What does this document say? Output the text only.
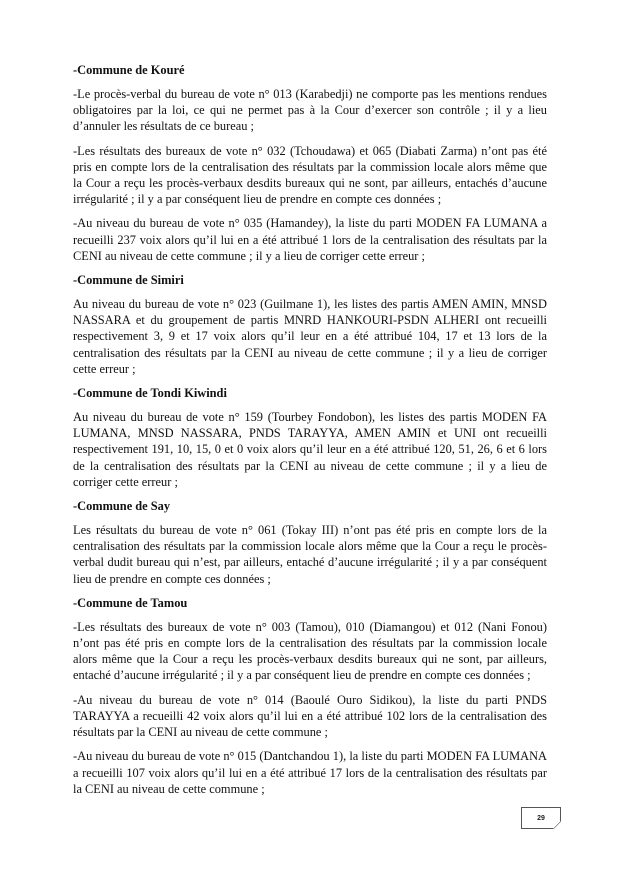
-Commune de Kouré

-Le procès-verbal du bureau de vote n° 013 (Karabedji) ne comporte pas les mentions rendues obligatoires par la loi, ce qui ne permet pas à la Cour d’exercer son contrôle ; il y a lieu d’annuler les résultats de ce bureau ;

-Les résultats des bureaux de vote n° 032 (Tchoudawa) et 065 (Diabati Zarma) n’ont pas été pris en compte lors de la centralisation des résultats par la commission locale alors même que la Cour a reçu les procès-verbaux desdits bureaux qui ne sont, par ailleurs, entachés d’aucune irrégularité ; il y a par conséquent lieu de prendre en compte ces données ;

-Au niveau du bureau de vote n° 035 (Hamandey), la liste du parti MODEN FA LUMANA a recueilli 237 voix alors qu’il lui en a été attribué 1 lors de la centralisation des résultats par la CENI au niveau de cette commune ; il y a lieu de corriger cette erreur ;

-Commune de Simiri

Au niveau du bureau de vote n° 023 (Guilmane 1), les listes des partis AMEN AMIN, MNSD NASSARA et du groupement de partis MNRD HANKOURI-PSDN ALHERI ont recueilli respectivement 3, 9 et 17 voix alors qu’il leur en a été attribué 104, 17 et 13 lors de la centralisation des résultats par la CENI au niveau de cette commune ; il y a lieu de corriger cette erreur ;

-Commune de Tondi Kiwindi

Au niveau du bureau de vote n° 159 (Tourbey Fondobon), les listes des partis MODEN FA LUMANA, MNSD NASSARA, PNDS TARAYYA, AMEN AMIN et UNI ont recueilli respectivement 191, 10, 15, 0 et 0 voix alors qu’il leur en a été attribué 120, 51, 26, 6 et 6 lors de la centralisation des résultats par la CENI au niveau de cette commune ; il y a lieu de corriger cette erreur ;

-Commune de Say

Les résultats du bureau de vote n° 061 (Tokay III) n’ont pas été pris en compte lors de la centralisation des résultats par la commission locale alors même que la Cour a reçu le procès-verbal dudit bureau qui n’est, par ailleurs, entaché d’aucune irrégularité ; il y a par conséquent lieu de prendre en compte ces données ;

-Commune de Tamou

-Les résultats des bureaux de vote n° 003 (Tamou), 010 (Diamangou) et 012 (Nani Fonou) n’ont pas été pris en compte lors de la centralisation des résultats par la commission locale alors même que la Cour a reçu les procès-verbaux desdits bureaux qui ne sont, par ailleurs, entaché d’aucune irrégularité ; il y a par conséquent lieu de prendre en compte ces données ;

-Au niveau du bureau de vote n° 014 (Baoulé Ouro Sidikou), la liste du parti PNDS TARAYYA a recueilli 42 voix alors qu’il lui en a été attribué 102 lors de la centralisation des résultats par la CENI au niveau de cette commune ;

-Au niveau du bureau de vote n° 015 (Dantchandou 1), la liste du parti MODEN FA LUMANA a recueilli 107 voix alors qu’il lui en a été attribué 17 lors de la centralisation des résultats par la CENI au niveau de cette commune ;

29
